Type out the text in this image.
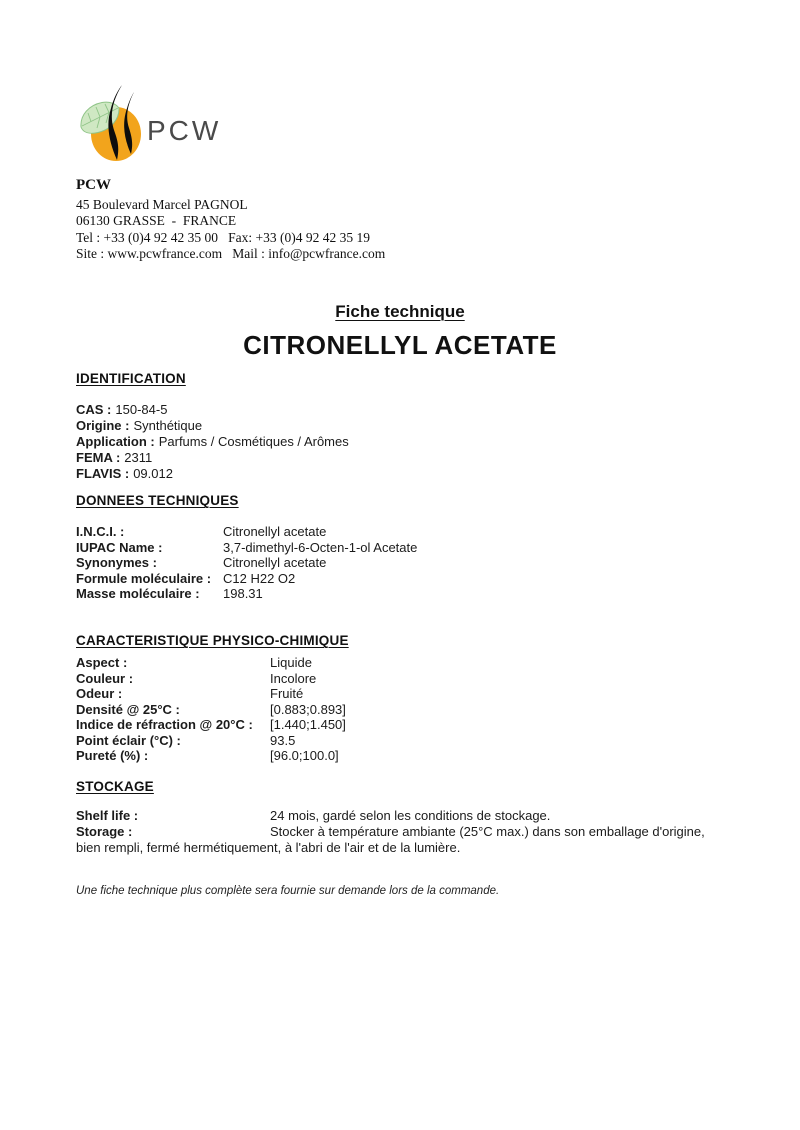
PCW
PCW
45 Boulevard Marcel PAGNOL
06130 GRASSE  -  FRANCE
Tel : +33 (0)4 92 42 35 00   Fax: +33 (0)4 92 42 35 19
Site : www.pcwfrance.com   Mail : info@pcwfrance.com
Fiche technique
CITRONELLYL ACETATE
IDENTIFICATION
CAS : 150-84-5
Origine : Synthétique
Application : Parfums / Cosmétiques / Arômes
FEMA : 2311
FLAVIS : 09.012
DONNEES TECHNIQUES
I.N.C.I. :	Citronellyl acetate
IUPAC Name :	3,7-dimethyl-6-Octen-1-ol Acetate
Synonymes :	Citronellyl acetate
Formule moléculaire : C12 H22 O2
Masse moléculaire : 198.31
CARACTERISTIQUE PHYSICO-CHIMIQUE
Aspect :	Liquide
Couleur :	Incolore
Odeur :	Fruité
Densité @ 25°C :	[0.883;0.893]
Indice de réfraction @ 20°C : [1.440;1.450]
Point éclair (°C) :	93.5
Pureté (%) :	[96.0;100.0]
STOCKAGE
Shelf life :	24 mois, gardé selon les conditions de stockage.
Storage :	Stocker à température ambiante (25°C max.) dans son emballage d'origine, bien rempli, fermé hermétiquement, à l'abri de l'air et de la lumière.
Une fiche technique plus complète sera fournie sur demande lors de la commande.
